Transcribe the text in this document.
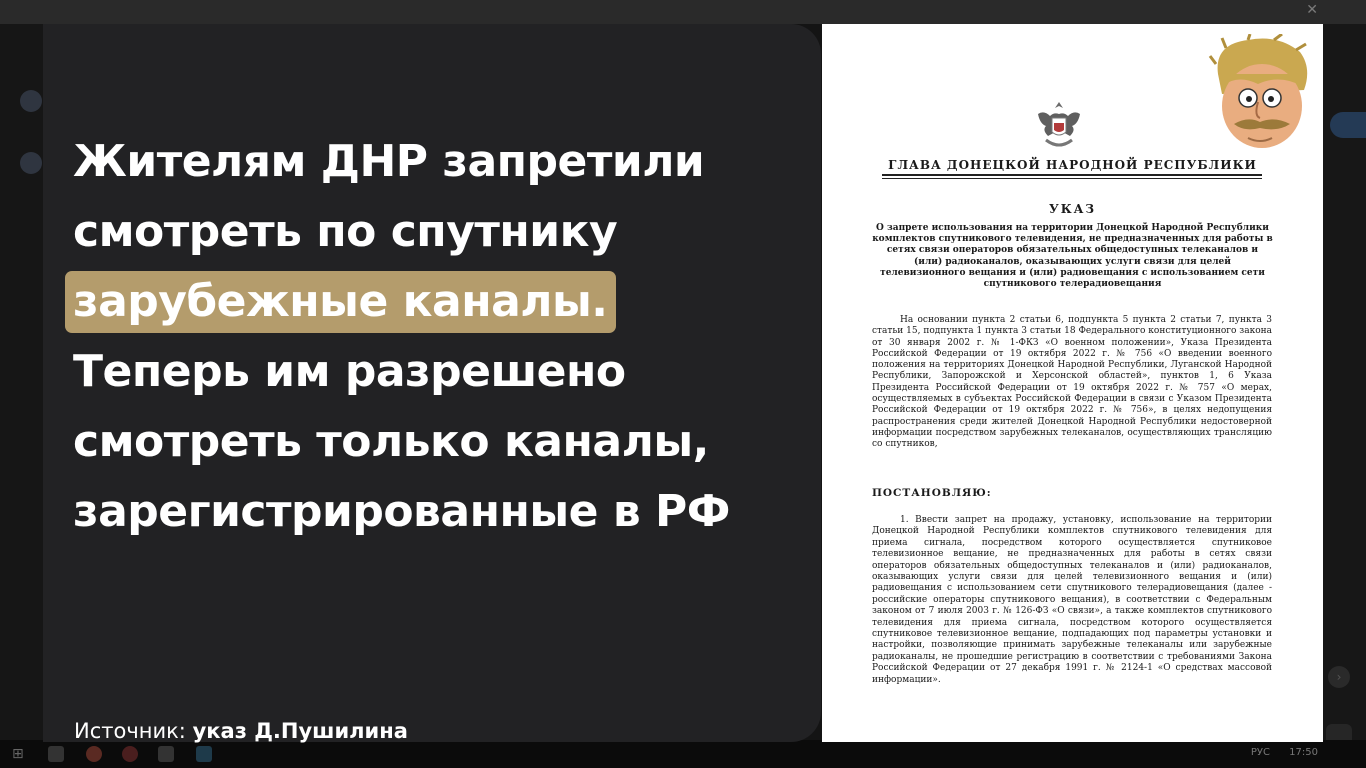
✕
›
⊞	РУС 17:50
Жителям ДНР запретили
смотреть по спутнику
зарубежные каналы.
Теперь им разрешено
смотреть только каналы,
зарегистрированные в РФ

Источник: указ Д.Пушилина

ГЛАВА ДОНЕЦКОЙ НАРОДНОЙ РЕСПУБЛИКИ

УКАЗ

О запрете использования на территории Донецкой Народной Республики комплектов спутникового телевидения, не предназначенных для работы в сетях связи операторов обязательных общедоступных телеканалов и (или) радиоканалов, оказывающих услуги связи для целей телевизионного вещания и (или) радиовещания с использованием сети спутникового телерадиовещания

На основании пункта 2 статьи 6, подпункта 5 пункта 2 статьи 7, пункта 3 статьи 15, подпункта 1 пункта 3 статьи 18 Федерального конституционного закона от 30 января 2002 г. № 1-ФКЗ «О военном положении», Указа Президента Российской Федерации от 19 октября 2022 г. № 756 «О введении военного положения на территориях Донецкой Народной Республики, Луганской Народной Республики, Запорожской и Херсонской областей», пунктов 1, 6 Указа Президента Российской Федерации от 19 октября 2022 г. № 757 «О мерах, осуществляемых в субъектах Российской Федерации в связи с Указом Президента Российской Федерации от 19 октября 2022 г. № 756», в целях недопущения распространения среди жителей Донецкой Народной Республики недостоверной информации посредством зарубежных телеканалов, осуществляющих трансляцию со спутников,

ПОСТАНОВЛЯЮ:

1. Ввести запрет на продажу, установку, использование на территории Донецкой Народной Республики комплектов спутникового телевидения для приема сигнала, посредством которого осуществляется спутниковое телевизионное вещание, не предназначенных для работы в сетях связи операторов обязательных общедоступных телеканалов и (или) радиоканалов, оказывающих услуги связи для целей телевизионного вещания и (или) радиовещания с использованием сети спутникового телерадиовещания (далее - российские операторы спутникового вещания), в соответствии с Федеральным законом от 7 июля 2003 г. № 126-ФЗ «О связи», а также комплектов спутникового телевидения для приема сигнала, посредством которого осуществляется спутниковое телевизионное вещание, подпадающих под параметры установки и настройки, позволяющие принимать зарубежные телеканалы или зарубежные радиоканалы, не прошедшие регистрацию в соответствии с требованиями Закона Российской Федерации от 27 декабря 1991 г. № 2124-1 «О средствах массовой информации».
